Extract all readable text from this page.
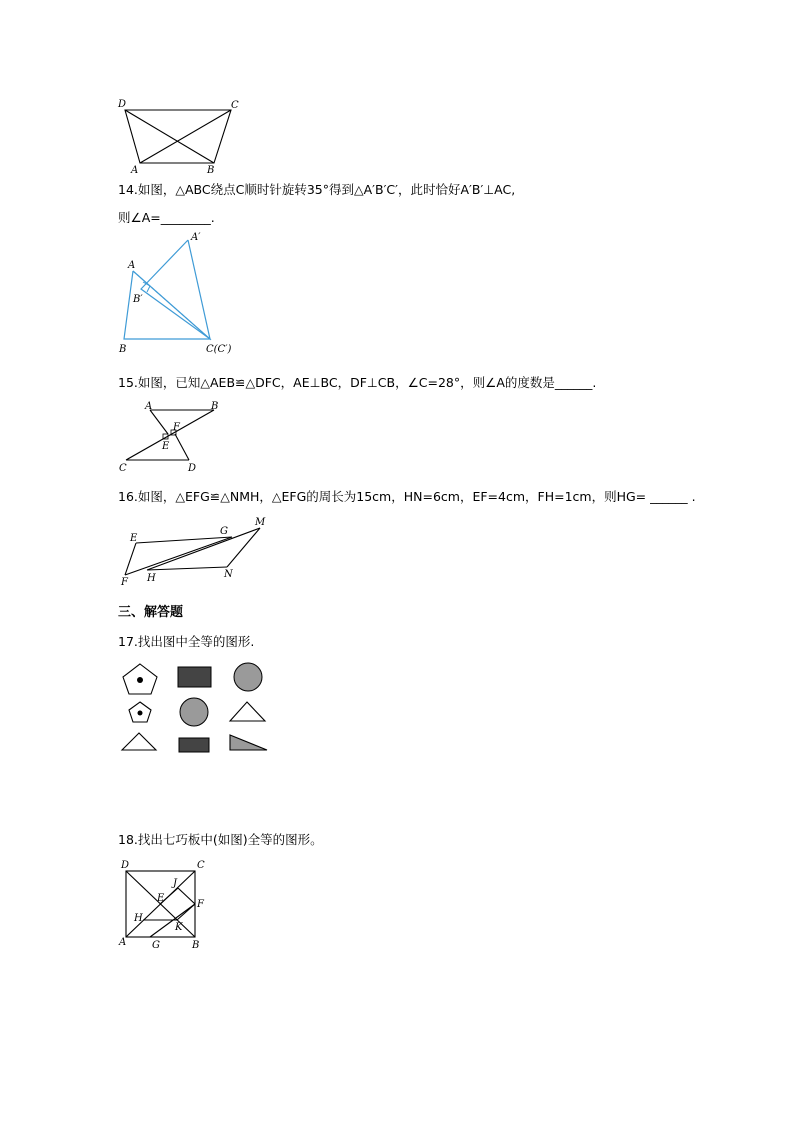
D	C
A	B
14.如图，△ABC绕点C顺时针旋转35°得到△A′B′C′，此时恰好A′B′⊥AC,
则∠A=________.
A′
A
B′
B	C(C′)
15.如图，已知△AEB≌△DFC，AE⊥BC，DF⊥CB，∠C=28°，则∠A的度数是______.
A	B
F
E
C	D
16.如图，△EFG≌△NMH，△EFG的周长为15cm，HN=6cm，EF=4cm，FH=1cm，则HG= ______ .
E
G
M
F H	N
三、解答题
17.找出图中全等的图形.
18.找出七巧板中(如图)全等的图形。
D	C
J
E
F
H
K
A	G	B
